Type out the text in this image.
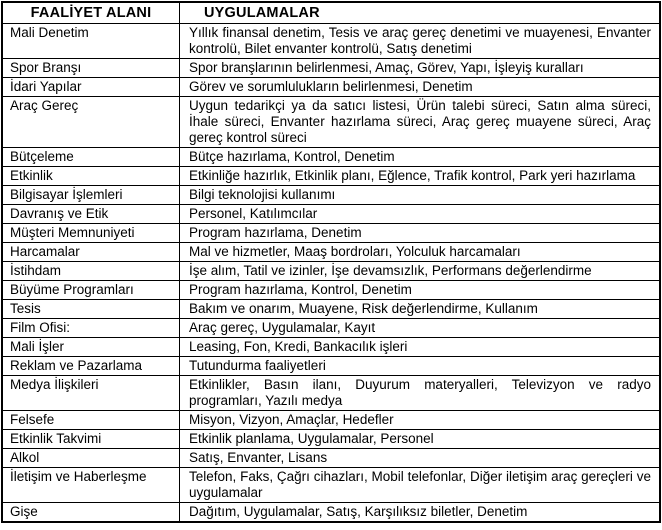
FAALİYET ALANI	UYGULAMALAR
Mali Denetim	Yıllık finansal denetim, Tesis ve araç gereç denetimi ve muayenesi, Envanter kontrolü, Bilet envanter kontrolü, Satış denetimi
Spor Branşı	Spor branşlarının belirlenmesi, Amaç, Görev, Yapı, İşleyiş kuralları
İdari Yapılar	Görev ve sorumlulukların belirlenmesi, Denetim
Araç Gereç	Uygun tedarikçi ya da satıcı listesi, Ürün talebi süreci, Satın alma süreci, İhale süreci, Envanter hazırlama süreci, Araç gereç muayene süreci, Araç gereç kontrol süreci
Bütçeleme	Bütçe hazırlama, Kontrol, Denetim
Etkinlik	Etkinliğe hazırlık, Etkinlik planı, Eğlence, Trafik kontrol, Park yeri hazırlama
Bilgisayar İşlemleri	Bilgi teknolojisi kullanımı
Davranış ve Etik	Personel, Katılımcılar
Müşteri Memnuniyeti	Program hazırlama, Denetim
Harcamalar	Mal ve hizmetler, Maaş bordroları, Yolculuk harcamaları
İstihdam	İşe alım, Tatil ve izinler, İşe devamsızlık, Performans değerlendirme
Büyüme Programları	Program hazırlama, Kontrol, Denetim
Tesis	Bakım ve onarım, Muayene, Risk değerlendirme, Kullanım
Film Ofisi:	Araç gereç, Uygulamalar, Kayıt
Mali İşler	Leasing, Fon, Kredi, Bankacılık işleri
Reklam ve Pazarlama	Tutundurma faaliyetleri
Medya İlişkileri	Etkinlikler, Basın ilanı, Duyurum materyalleri, Televizyon ve radyo programları, Yazılı medya
Felsefe	Misyon, Vizyon, Amaçlar, Hedefler
Etkinlik Takvimi	Etkinlik planlama, Uygulamalar, Personel
Alkol	Satış, Envanter, Lisans
İletişim ve Haberleşme	Telefon, Faks, Çağrı cihazları, Mobil telefonlar, Diğer iletişim araç gereçleri ve uygulamalar
Gişe	Dağıtım, Uygulamalar, Satış, Karşılıksız biletler, Denetim
